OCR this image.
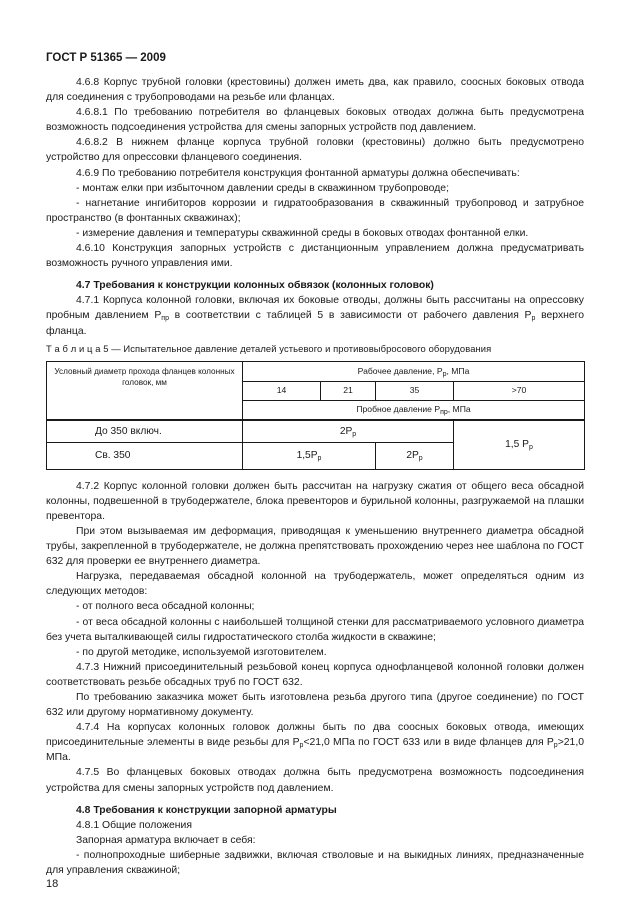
ГОСТ Р 51365 — 2009

4.6.8 Корпус трубной головки (крестовины) должен иметь два, как правило, соосных боковых отвода для соединения с трубопроводами на резьбе или фланцах.

4.6.8.1 По требованию потребителя во фланцевых боковых отводах должна быть предусмотрена возможность подсоединения устройства для смены запорных устройств под давлением.

4.6.8.2 В нижнем фланце корпуса трубной головки (крестовины) должно быть предусмотрено устройство для опрессовки фланцевого соединения.

4.6.9 По требованию потребителя конструкция фонтанной арматуры должна обеспечивать:

- монтаж елки при избыточном давлении среды в скважинном трубопроводе;

- нагнетание ингибиторов коррозии и гидратообразования в скважинный трубопровод и затрубное пространство (в фонтанных скважинах);

- измерение давления и температуры скважинной среды в боковых отводах фонтанной елки.

4.6.10 Конструкция запорных устройств с дистанционным управлением должна предусматривать возможность ручного управления ими.

4.7 Требования к конструкции колонных обвязок (колонных головок)

4.7.1 Корпуса колонной головки, включая их боковые отводы, должны быть рассчитаны на опрессовку пробным давлением $P_{пр}$ в соответствии с таблицей 5 в зависимости от рабочего давления $P_р$ верхнего фланца.

Т а б л и ц а 5 — Испытательное давление деталей устьевого и противовыбросового оборудования

Условный диаметр прохода фланцев колонных головок, мм	Рабочее давление, $P_р$, МПа			
	14	21	35	>70
	Пробное давление $P_{пр}$, МПа			
До 350 включ.	$2P_р$			1,5 $P_р$
Св. 350	$1,5P_р$		$2P_р$

4.7.2 Корпус колонной головки должен быть рассчитан на нагрузку сжатия от общего веса обсадной колонны, подвешенной в трубодержателе, блока превенторов и бурильной колонны, разгружаемой на плашки превентора.

При этом вызываемая им деформация, приводящая к уменьшению внутреннего диаметра обсадной трубы, закрепленной в трубодержателе, не должна препятствовать прохождению через нее шаблона по ГОСТ 632 для проверки ее внутреннего диаметра.

Нагрузка, передаваемая обсадной колонной на трубодержатель, может определяться одним из следующих методов:

- от полного веса обсадной колонны;

- от веса обсадной колонны с наибольшей толщиной стенки для рассматриваемого условного диаметра без учета выталкивающей силы гидростатического столба жидкости в скважине;

- по другой методике, используемой изготовителем.

4.7.3 Нижний присоединительный резьбовой конец корпуса однофланцевой колонной головки должен соответствовать резьбе обсадных труб по ГОСТ 632.

По требованию заказчика может быть изготовлена резьба другого типа (другое соединение) по ГОСТ 632 или другому нормативному документу.

4.7.4 На корпусах колонных головок должны быть по два соосных боковых отвода, имеющих присоединительные элементы в виде резьбы для $P_р<21,0$ МПа по ГОСТ 633 или в виде фланцев для $P_р>21,0$ МПа.

4.7.5 Во фланцевых боковых отводах должна быть предусмотрена возможность подсоединения устройства для смены запорных устройств под давлением.

4.8 Требования к конструкции запорной арматуры

4.8.1 Общие положения

Запорная арматура включает в себя:

- полнопроходные шиберные задвижки, включая стволовые и на выкидных линиях, предназначенные для управления скважиной;

18
